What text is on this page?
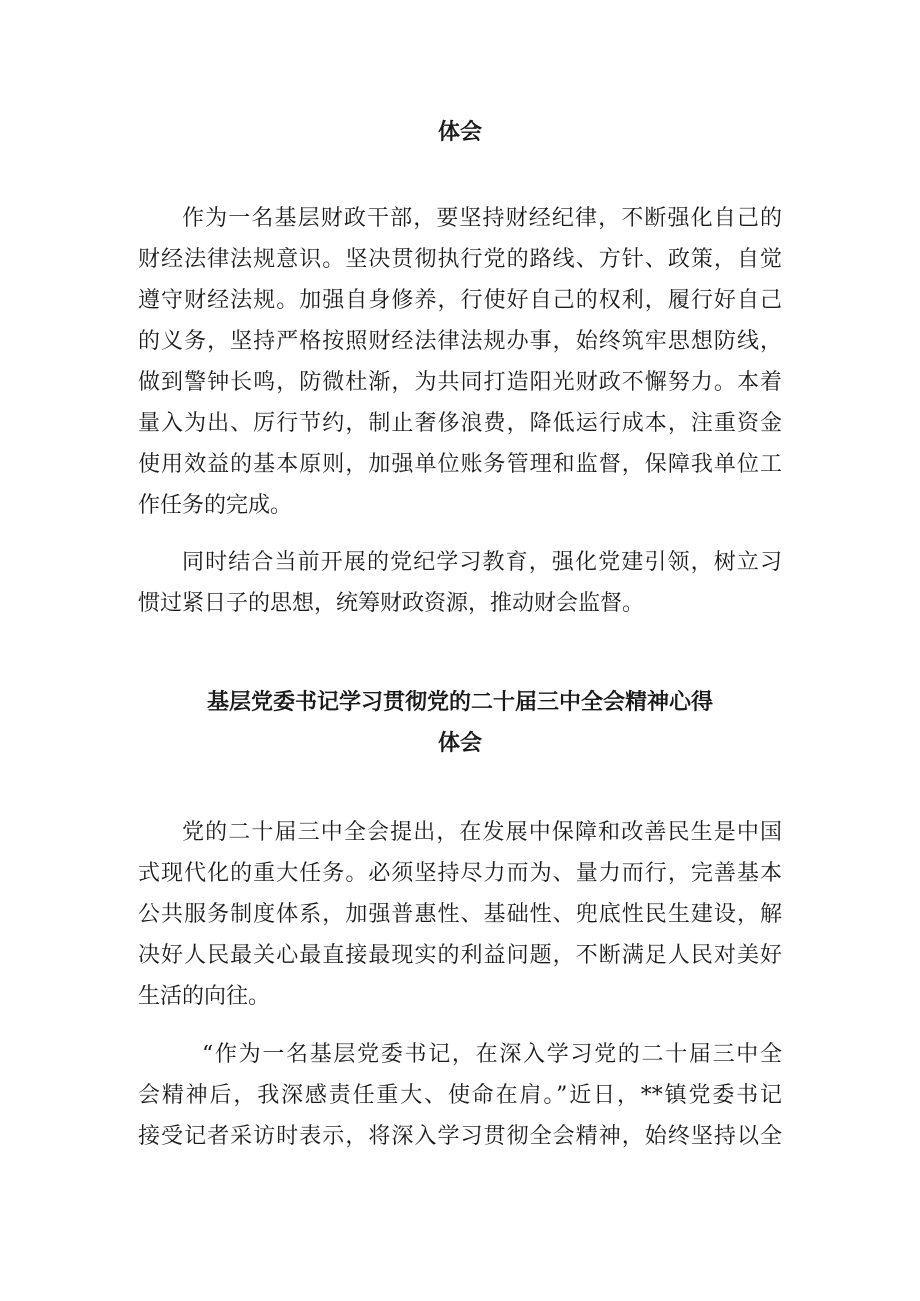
体会
作为一名基层财政干部，要坚持财经纪律，不断强化自己的
财经法律法规意识。坚决贯彻执行党的路线、方针、政策，自觉
遵守财经法规。加强自身修养，行使好自己的权利，履行好自己
的义务，坚持严格按照财经法律法规办事，始终筑牢思想防线，
做到警钟长鸣，防微杜渐，为共同打造阳光财政不懈努力。本着
量入为出、厉行节约，制止奢侈浪费，降低运行成本，注重资金
使用效益的基本原则，加强单位账务管理和监督，保障我单位工
作任务的完成。
同时结合当前开展的党纪学习教育，强化党建引领，树立习
惯过紧日子的思想，统筹财政资源，推动财会监督。
基层党委书记学习贯彻党的二十届三中全会精神心得
体会
党的二十届三中全会提出，在发展中保障和改善民生是中国
式现代化的重大任务。必须坚持尽力而为、量力而行，完善基本
公共服务制度体系，加强普惠性、基础性、兜底性民生建设，解
决好人民最关心最直接最现实的利益问题，不断满足人民对美好
生活的向往。
“作为一名基层党委书记，在深入学习党的二十届三中全
会精神后，我深感责任重大、使命在肩。”近日，**镇党委书记
接受记者采访时表示，将深入学习贯彻全会精神，始终坚持以全
